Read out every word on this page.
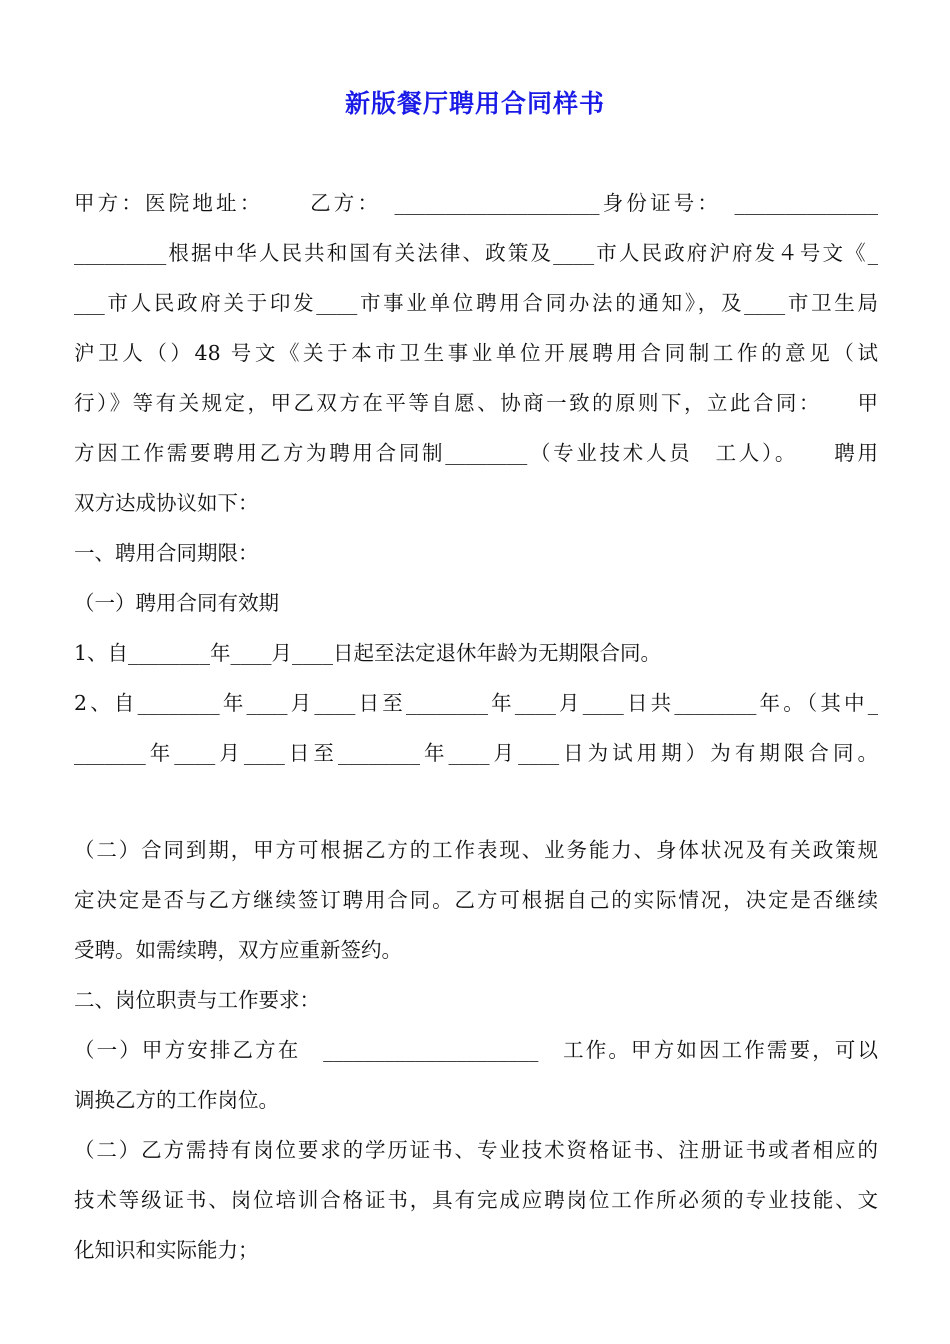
新版餐厅聘用合同样书
甲方：医院地址：　　 乙方：　____________________身份证号：　______________
_________根据中华人民共和国有关法律、政策及____市人民政府沪府发４号文《_
___市人民政府关于印发____市事业单位聘用合同办法的通知》，及____市卫生局
沪卫人（）48 号文《关于本市卫生事业单位开展聘用合同制工作的意见（试
行）》等有关规定，甲乙双方在平等自愿、协商一致的原则下，立此合同：　　甲
方因工作需要聘用乙方为聘用合同制________（专业技术人员　工人）。　　聘用
双方达成协议如下：
一、聘用合同期限：
（一）聘用合同有效期
1、自________年____月____日起至法定退休年龄为无期限合同。
2、自________年____月____日至________年____月____日共________年。（其中_
_______年____月____日至________年____月____日为试用期）为有期限合同。
（二）合同到期，甲方可根据乙方的工作表现、业务能力、身体状况及有关政策规
定决定是否与乙方继续签订聘用合同。乙方可根据自己的实际情况，决定是否继续
受聘。如需续聘，双方应重新签约。
二、岗位职责与工作要求：
（一）甲方安排乙方在　_____________________　工作。甲方如因工作需要，可以
调换乙方的工作岗位。
（二）乙方需持有岗位要求的学历证书、专业技术资格证书、注册证书或者相应的
技术等级证书、岗位培训合格证书，具有完成应聘岗位工作所必须的专业技能、文
化知识和实际能力；
